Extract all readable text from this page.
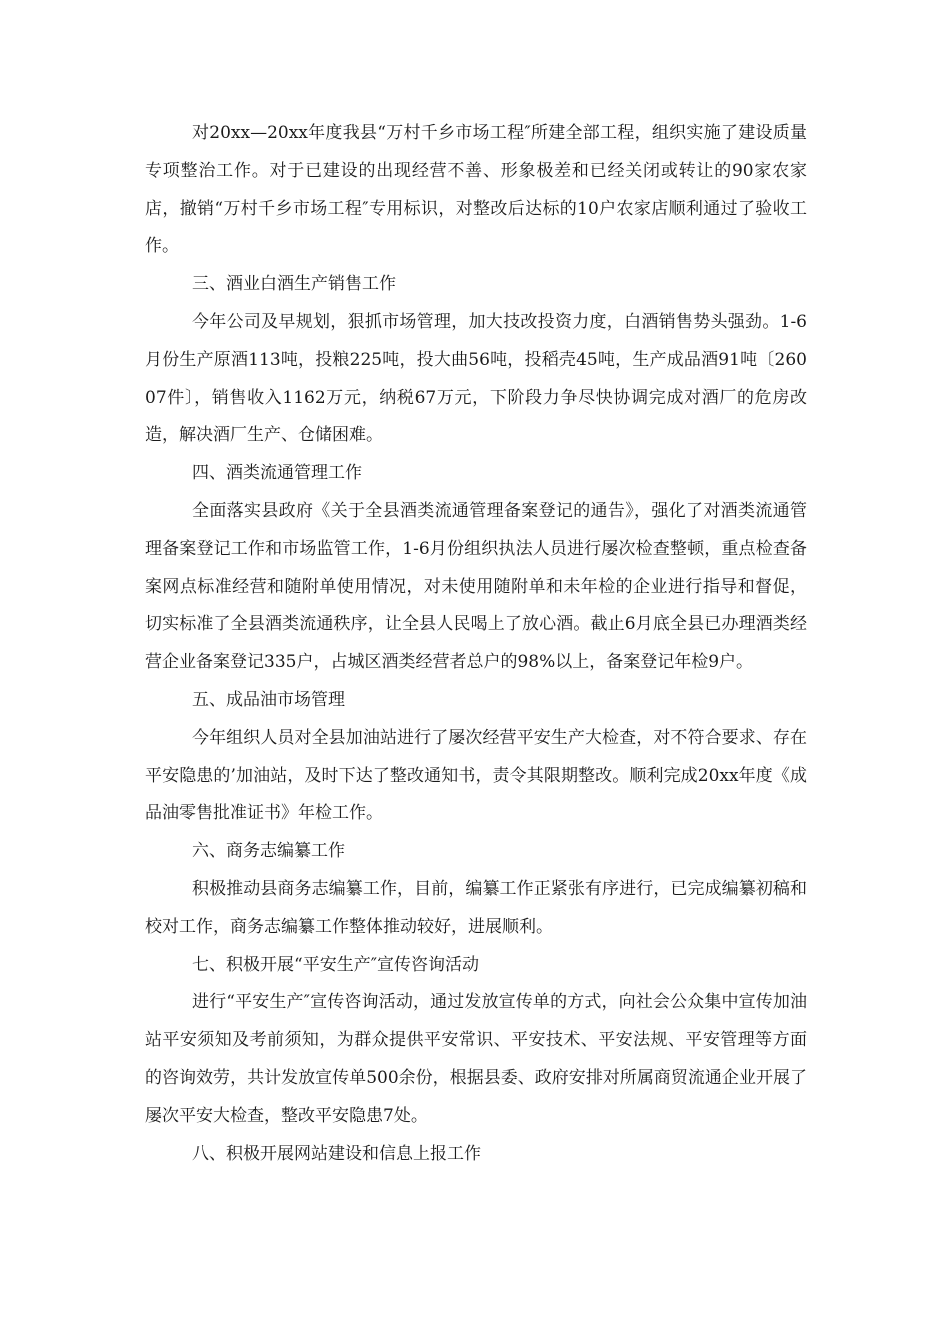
对20xx—20xx年度我县“万村千乡市场工程″所建全部工程，组织实施了建设质量专项整治工作。对于已建设的出现经营不善、形象极差和已经关闭或转让的90家农家店，撤销“万村千乡市场工程″专用标识，对整改后达标的10户农家店顺利通过了验收工作。

三、酒业白酒生产销售工作

今年公司及早规划，狠抓市场管理，加大技改投资力度，白酒销售势头强劲。1-6月份生产原酒113吨，投粮225吨，投大曲56吨，投稻壳45吨，生产成品酒91吨〔26007件〕，销售收入1162万元，纳税67万元，下阶段力争尽快协调完成对酒厂的危房改造，解决酒厂生产、仓储困难。

四、酒类流通管理工作

全面落实县政府《关于全县酒类流通管理备案登记的通告》，强化了对酒类流通管理备案登记工作和市场监管工作，1-6月份组织执法人员进行屡次检查整顿，重点检查备案网点标准经营和随附单使用情况，对未使用随附单和未年检的企业进行指导和督促，切实标准了全县酒类流通秩序，让全县人民喝上了放心酒。截止6月底全县已办理酒类经营企业备案登记335户，占城区酒类经营者总户的98%以上，备案登记年检9户。

五、成品油市场管理

今年组织人员对全县加油站进行了屡次经营平安生产大检查，对不符合要求、存在平安隐患的’加油站，及时下达了整改通知书，责令其限期整改。顺利完成20xx年度《成品油零售批准证书》年检工作。

六、商务志编纂工作

积极推动县商务志编纂工作，目前，编纂工作正紧张有序进行，已完成编纂初稿和校对工作，商务志编纂工作整体推动较好，进展顺利。

七、积极开展“平安生产″宣传咨询活动

进行“平安生产″宣传咨询活动，通过发放宣传单的方式，向社会公众集中宣传加油站平安须知及考前须知，为群众提供平安常识、平安技术、平安法规、平安管理等方面的咨询效劳，共计发放宣传单500余份，根据县委、政府安排对所属商贸流通企业开展了屡次平安大检查，整改平安隐患7处。

八、积极开展网站建设和信息上报工作
